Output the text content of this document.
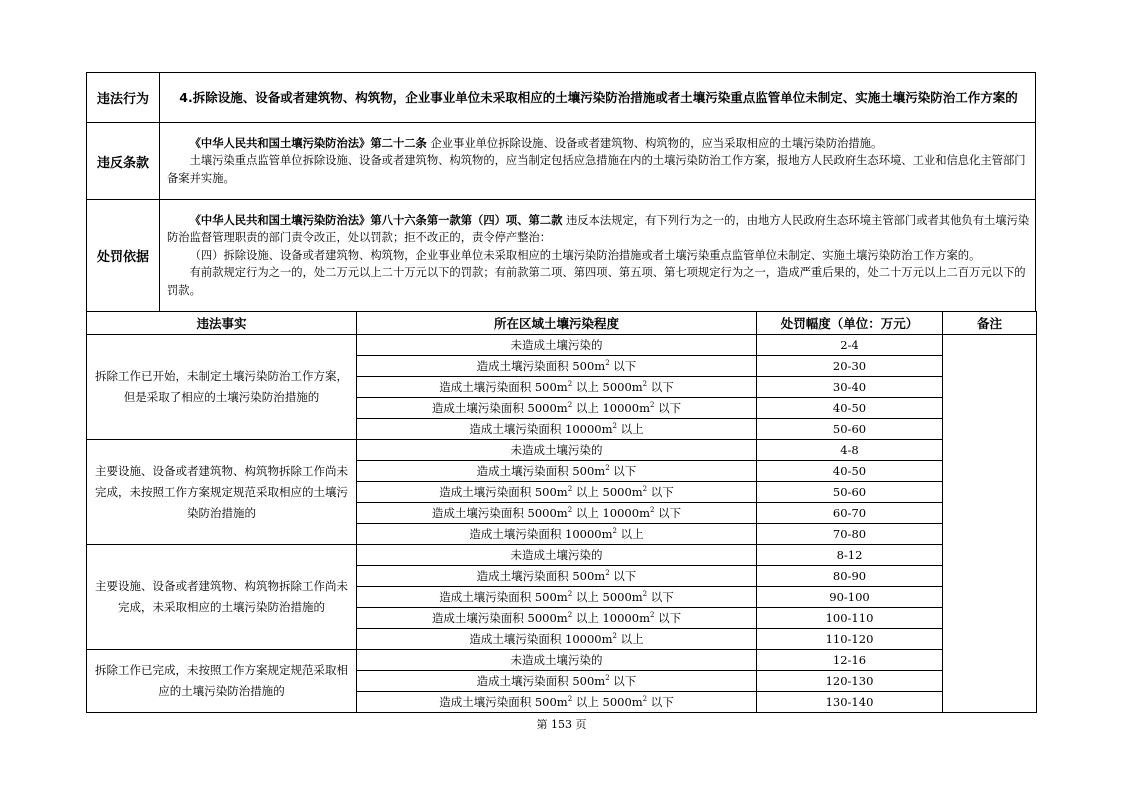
违法行为	4.拆除设施、设备或者建筑物、构筑物，企业事业单位未采取相应的土壤污染防治措施或者土壤污染重点监管单位未制定、实施土壤污染防治工作方案的

违反条款	《中华人民共和国土壤污染防治法》第二十二条 企业事业单位拆除设施、设备或者建筑物、构筑物的，应当采取相应的土壤污染防治措施。

土壤污染重点监管单位拆除设施、设备或者建筑物、构筑物的，应当制定包括应急措施在内的土壤污染防治工作方案，报地方人民政府生态环境、工业和信息化主管部门备案并实施。

处罚依据	《中华人民共和国土壤污染防治法》第八十六条第一款第（四）项、第二款 违反本法规定，有下列行为之一的，由地方人民政府生态环境主管部门或者其他负有土壤污染防治监督管理职责的部门责令改正，处以罚款；拒不改正的，责令停产整治：

（四）拆除设施、设备或者建筑物、构筑物，企业事业单位未采取相应的土壤污染防治措施或者土壤污染重点监管单位未制定、实施土壤污染防治工作方案的。

有前款规定行为之一的，处二万元以上二十万元以下的罚款；有前款第二项、第四项、第五项、第七项规定行为之一，造成严重后果的，处二十万元以上二百万元以下的罚款。

违法事实	所在区域土壤污染程度	处罚幅度（单位：万元）	备注
拆除工作已开始，未制定土壤污染防治工作方案，但是采取了相应的土壤污染防治措施的	未造成土壤污染的	2-4	
	造成土壤污染面积 $500m^2$ 以下	20-30	
	造成土壤污染面积 $500m^2$ 以上 $5000m^2$ 以下	30-40	
	造成土壤污染面积 $5000m^2$ 以上 $10000m^2$ 以下	40-50	
	造成土壤污染面积 $10000m^2$ 以上	50-60	
主要设施、设备或者建筑物、构筑物拆除工作尚未完成，未按照工作方案规定规范采取相应的土壤污染防治措施的	未造成土壤污染的	4-8	
	造成土壤污染面积 $500m^2$ 以下	40-50	
	造成土壤污染面积 $500m^2$ 以上 $5000m^2$ 以下	50-60	
	造成土壤污染面积 $5000m^2$ 以上 $10000m^2$ 以下	60-70	
	造成土壤污染面积 $10000m^2$ 以上	70-80	
主要设施、设备或者建筑物、构筑物拆除工作尚未完成，未采取相应的土壤污染防治措施的	未造成土壤污染的	8-12	
	造成土壤污染面积 $500m^2$ 以下	80-90	
	造成土壤污染面积 $500m^2$ 以上 $5000m^2$ 以下	90-100	
	造成土壤污染面积 $5000m^2$ 以上 $10000m^2$ 以下	100-110	
	造成土壤污染面积 $10000m^2$ 以上	110-120	
拆除工作已完成，未按照工作方案规定规范采取相应的土壤污染防治措施的	未造成土壤污染的	12-16	
	造成土壤污染面积 $500m^2$ 以下	120-130	
	造成土壤污染面积 $500m^2$ 以上 $5000m^2$ 以下	130-140	
第 153 页
